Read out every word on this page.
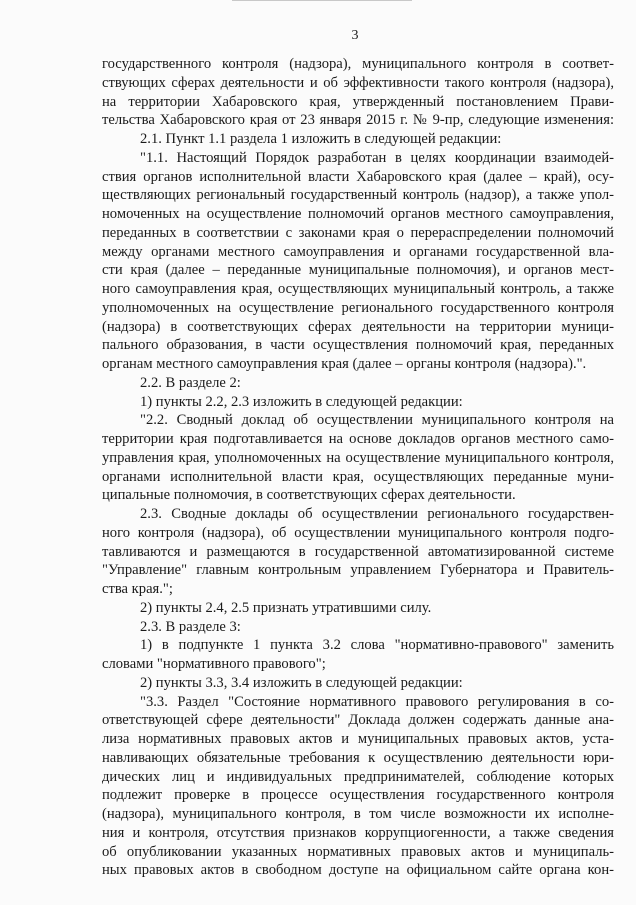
3
государственного контроля (надзора), муниципального контроля в соответ-
ствующих сферах деятельности и об эффективности такого контроля (надзора),
на территории Хабаровского края, утвержденный постановлением Прави-
тельства Хабаровского края от 23 января 2015 г. № 9-пр, следующие изменения:
2.1. Пункт 1.1 раздела 1 изложить в следующей редакции:
"1.1. Настоящий Порядок разработан в целях координации взаимодей-
ствия органов исполнительной власти Хабаровского края (далее – край), осу-
ществляющих региональный государственный контроль (надзор), а также упол-
номоченных на осуществление полномочий органов местного самоуправления,
переданных в соответствии с законами края о перераспределении полномочий
между органами местного самоуправления и органами государственной вла-
сти края (далее – переданные муниципальные полномочия), и органов мест-
ного самоуправления края, осуществляющих муниципальный контроль, а также
уполномоченных на осуществление регионального государственного контроля
(надзора) в соответствующих сферах деятельности на территории муници-
пального образования, в части осуществления полномочий края, переданных
органам местного самоуправления края (далее – органы контроля (надзора).".
2.2. В разделе 2:
1) пункты 2.2, 2.3 изложить в следующей редакции:
"2.2. Сводный доклад об осуществлении муниципального контроля на
территории края подготавливается на основе докладов органов местного само-
управления края, уполномоченных на осуществление муниципального контроля,
органами исполнительной власти края, осуществляющих переданные муни-
ципальные полномочия, в соответствующих сферах деятельности.
2.3. Сводные доклады об осуществлении регионального государствен-
ного контроля (надзора), об осуществлении муниципального контроля подго-
тавливаются и размещаются в государственной автоматизированной системе
"Управление" главным контрольным управлением Губернатора и Правитель-
ства края.";
2) пункты 2.4, 2.5 признать утратившими силу.
2.3. В разделе 3:
1) в подпункте 1 пункта 3.2 слова "нормативно-правового" заменить
словами "нормативного правового";
2) пункты 3.3, 3.4 изложить в следующей редакции:
"3.3. Раздел "Состояние нормативного правового регулирования в со-
ответствующей сфере деятельности" Доклада должен содержать данные ана-
лиза нормативных правовых актов и муниципальных правовых актов, уста-
навливающих обязательные требования к осуществлению деятельности юри-
дических лиц и индивидуальных предпринимателей, соблюдение которых
подлежит проверке в процессе осуществления государственного контроля
(надзора), муниципального контроля, в том числе возможности их исполне-
ния и контроля, отсутствия признаков коррупциогенности, а также сведения
об опубликовании указанных нормативных правовых актов и муниципаль-
ных правовых актов в свободном доступе на официальном сайте органа кон-
